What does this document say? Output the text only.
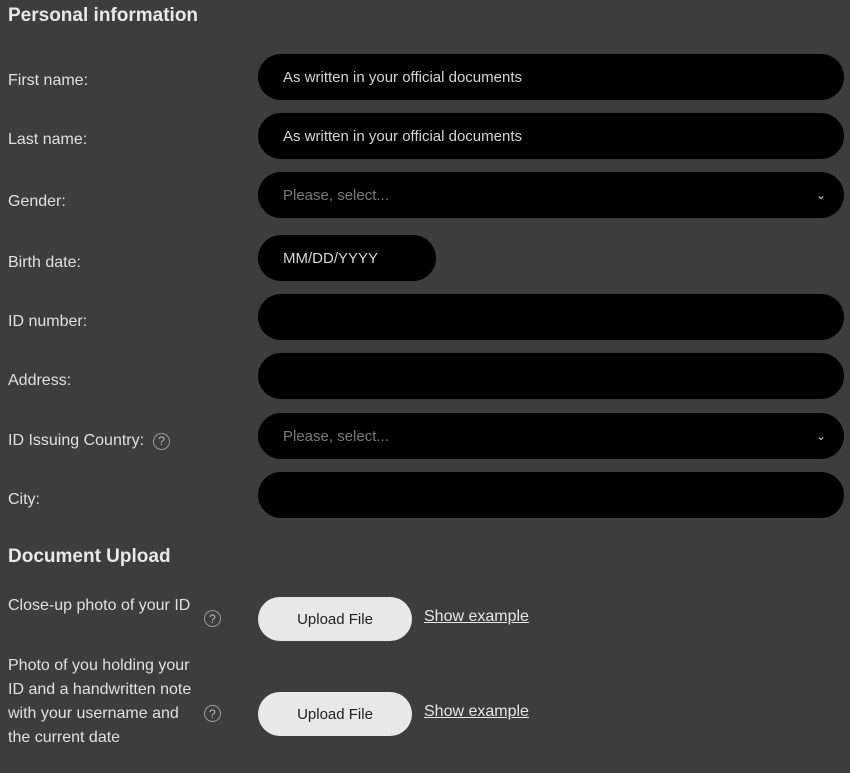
Personal information
First name:	As written in your official documents
Last name:	As written in your official documents
Gender:	Please, select...	⌄
Birth date:	MM/DD/YYYY
ID number:
Address:
ID Issuing Country:	?	Please, select...	⌄
City:
Document Upload
Close-up photo of your ID
?	Upload File	Show example
Photo of you holding your ID and a handwritten note with your username and the current date
?	Upload File	Show example
